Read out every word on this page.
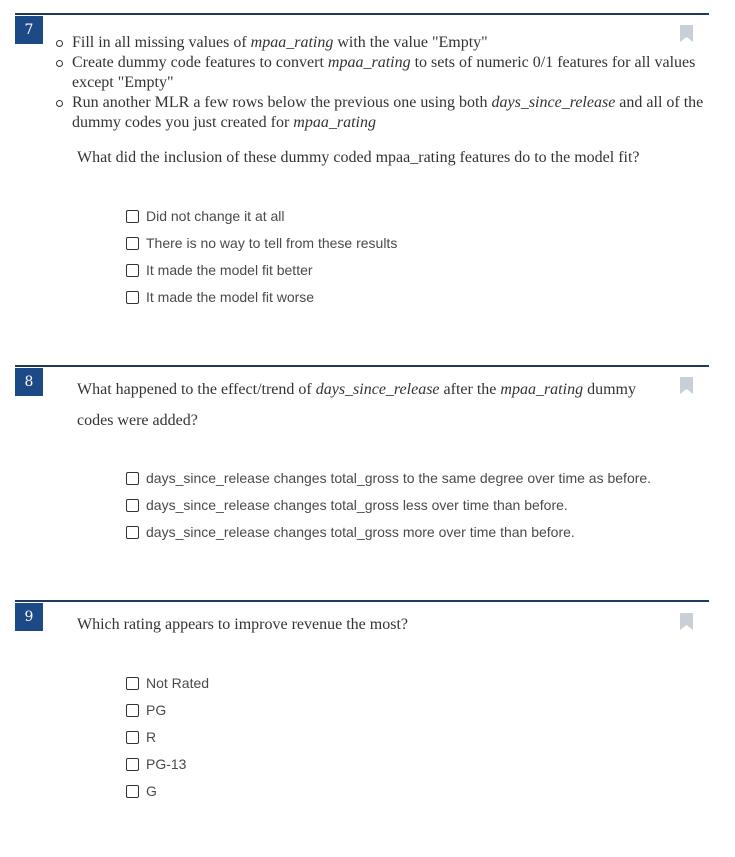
7
Fill in all missing values of mpaa_rating with the value "Empty"
Create dummy code features to convert mpaa_rating to sets of numeric 0/1 features for all values except "Empty"
Run another MLR a few rows below the previous one using both days_since_release and all of the dummy codes you just created for mpaa_rating
What did the inclusion of these dummy coded mpaa_rating features do to the model fit?
Did not change it at all
There is no way to tell from these results
It made the model fit better
It made the model fit worse
8	What happened to the effect/trend of days_since_release after the mpaa_rating dummy codes were added?
days_since_release changes total_gross to the same degree over time as before.
days_since_release changes total_gross less over time than before.
days_since_release changes total_gross more over time than before.
9	Which rating appears to improve revenue the most?
Not Rated
PG
R
PG-13
G
